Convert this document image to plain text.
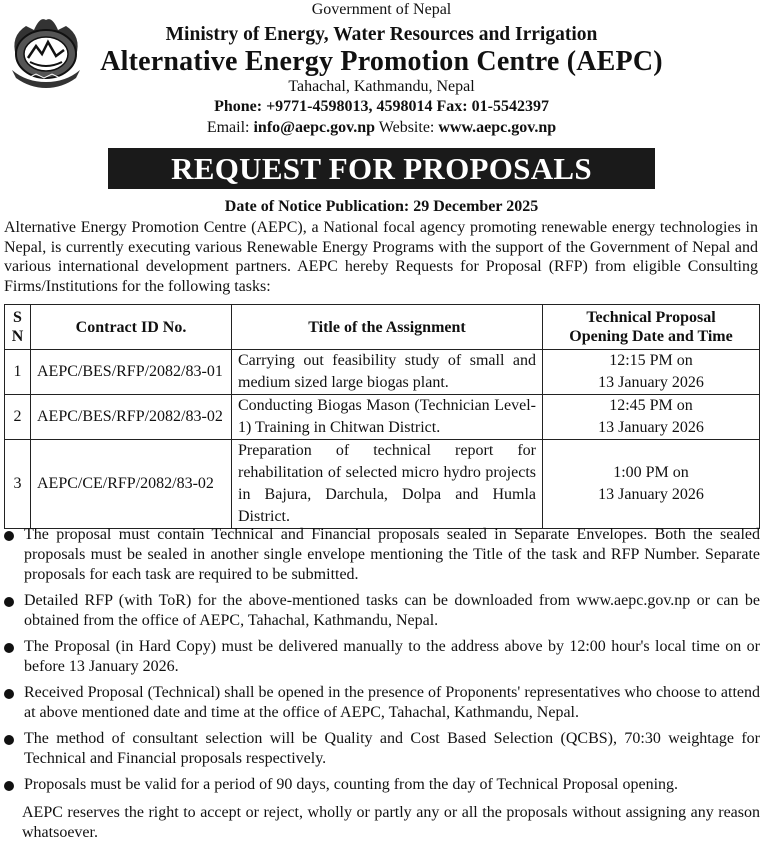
Government of Nepal
Ministry of Energy, Water Resources and Irrigation
Alternative Energy Promotion Centre (AEPC)
Tahachal, Kathmandu, Nepal
Phone: +9771-4598013, 4598014 Fax: 01-5542397
Email: info@aepc.gov.np Website: www.aepc.gov.np
REQUEST FOR PROPOSALS
Date of Notice Publication: 29 December 2025
Alternative Energy Promotion Centre (AEPC), a National focal agency promoting renewable energy technologies in Nepal, is currently executing various Renewable Energy Programs with the support of the Government of Nepal and various international development partners. AEPC hereby Requests for Proposal (RFP) from eligible Consulting Firms/Institutions for the following tasks:
S
N	Contract ID No.	Title of the Assignment	Technical Proposal
Opening Date and Time
1	AEPC/BES/RFP/2082/83-01	Carrying out feasibility study of small and medium sized large biogas plant.	12:15 PM on
13 January 2026
2	AEPC/BES/RFP/2082/83-02	Conducting Biogas Mason (Technician Level-1) Training in Chitwan District.	12:45 PM on
13 January 2026
3	AEPC/CE/RFP/2082/83-02	Preparation of technical report for rehabilitation of selected micro hydro projects in Bajura, Darchula, Dolpa and Humla District.	1:00 PM on
13 January 2026
The proposal must contain Technical and Financial proposals sealed in Separate Envelopes. Both the sealed proposals must be sealed in another single envelope mentioning the Title of the task and RFP Number. Separate proposals for each task are required to be submitted.
Detailed RFP (with ToR) for the above-mentioned tasks can be downloaded from www.aepc.gov.np or can be obtained from the office of AEPC, Tahachal, Kathmandu, Nepal.
The Proposal (in Hard Copy) must be delivered manually to the address above by 12:00 hour's local time on or before 13 January 2026.
Received Proposal (Technical) shall be opened in the presence of Proponents' representatives who choose to attend at above mentioned date and time at the office of AEPC, Tahachal, Kathmandu, Nepal.
The method of consultant selection will be Quality and Cost Based Selection (QCBS), 70:30 weightage for Technical and Financial proposals respectively.
Proposals must be valid for a period of 90 days, counting from the day of Technical Proposal opening.
AEPC reserves the right to accept or reject, wholly or partly any or all the proposals without assigning any reason whatsoever.
